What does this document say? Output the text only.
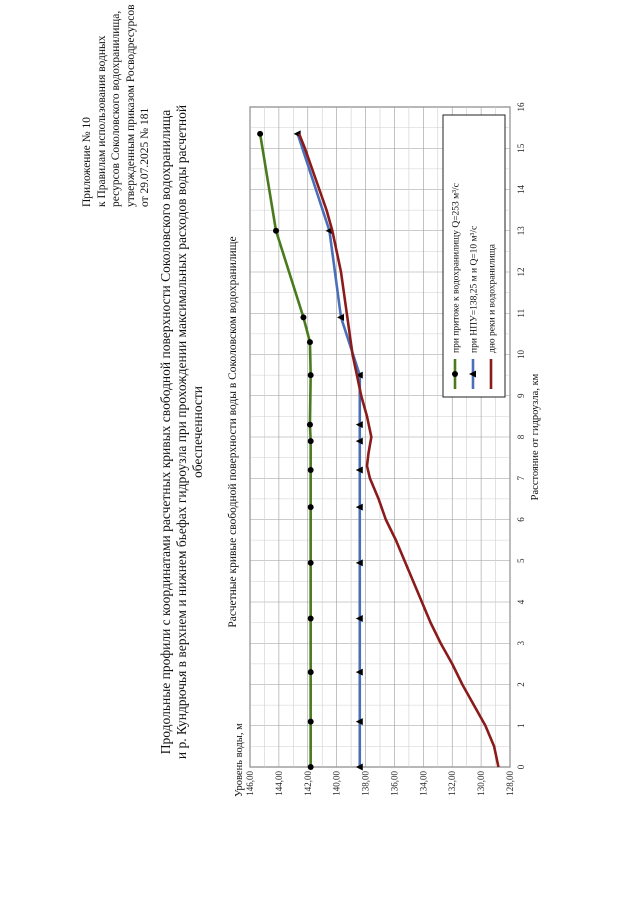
Приложение № 10 к Правилам использования водных ресурсов Соколовского водохранилища, утвержденным приказом Росводресурсов от 29.07.2025 № 181 Продольные профили с координатами расчетных кривых свободной поверхности Соколовского водохранилища и р. Кундрючья в верхнем и нижнем бьефах гидроузла при прохождении максимальных расходов воды расчетной обеспеченности Расчетные кривые свободной поверхности воды в Соколовском водохранилище
0
1
2
3
4
5
6
7
8
9
10
11
12
13
14
15
16
128,00
130,00
132,00
134,00
136,00
138,00
140,00
142,00
144,00
146,00
Расстояние от гидроузла, км
Уровень воды, м
при притоке к водохранилищу Q=253 м³/с при НПУ=138,25 м и Q=10 м³/с дно реки и водохранилища
